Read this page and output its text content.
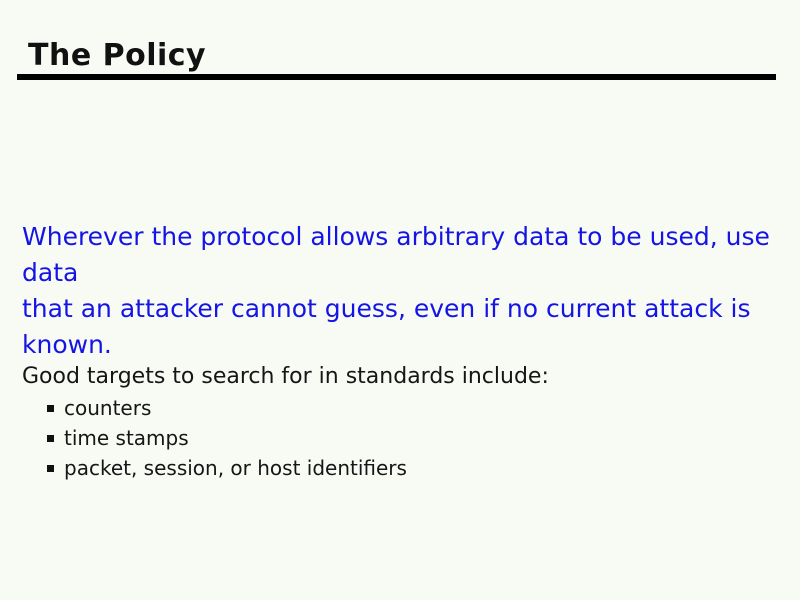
The Policy

Wherever the protocol allows arbitrary data to be used, use data
that an attacker cannot guess, even if no current attack is known.

Good targets to search for in standards include:

counters
time stamps
packet, session, or host identifiers
